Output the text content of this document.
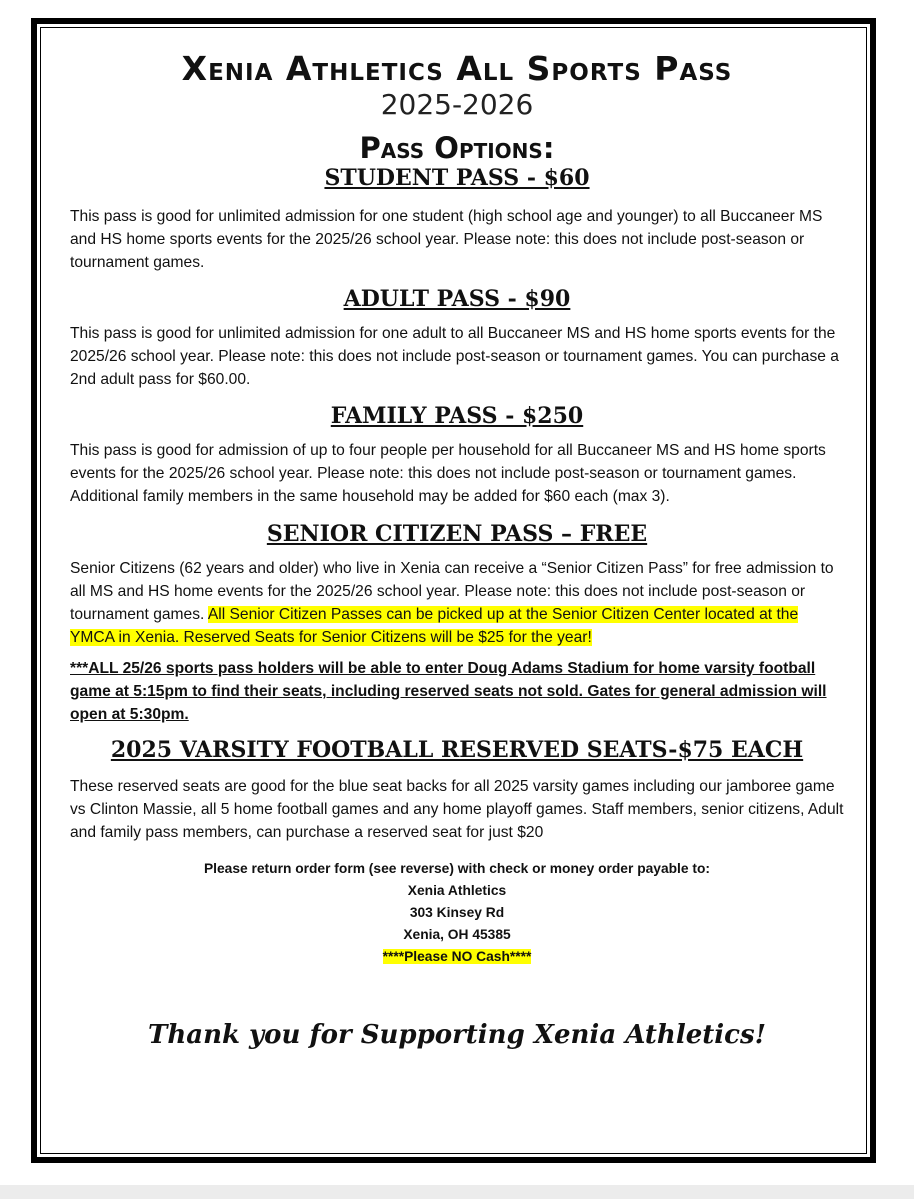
Xenia Athletics All Sports Pass

2025-2026

Pass Options:
STUDENT PASS - $60

This pass is good for unlimited admission for one student (high school age and younger) to all Buccaneer MS and HS home sports events for the 2025/26 school year. Please note: this does not include post-season or tournament games.

ADULT PASS - $90

This pass is good for unlimited admission for one adult to all Buccaneer MS and HS home sports events for the 2025/26 school year. Please note: this does not include post-season or tournament games. You can purchase a 2nd adult pass for $60.00.

FAMILY PASS - $250

This pass is good for admission of up to four people per household for all Buccaneer MS and HS home sports events for the 2025/26 school year. Please note: this does not include post-season or tournament games. Additional family members in the same household may be added for $60 each (max 3).

SENIOR CITIZEN PASS – FREE

Senior Citizens (62 years and older) who live in Xenia can receive a “Senior Citizen Pass” for free admission to all MS and HS home events for the 2025/26 school year. Please note: this does not include post-season or tournament games. All Senior Citizen Passes can be picked up at the Senior Citizen Center located at the YMCA in Xenia. Reserved Seats for Senior Citizens will be $25 for the year!

***ALL 25/26 sports pass holders will be able to enter Doug Adams Stadium for home varsity football game at 5:15pm to find their seats, including reserved seats not sold. Gates for general admission will open at 5:30pm.

2025 VARSITY FOOTBALL RESERVED SEATS-$75 EACH

These reserved seats are good for the blue seat backs for all 2025 varsity games including our jamboree game vs Clinton Massie, all 5 home football games and any home playoff games. Staff members, senior citizens, Adult and family pass members, can purchase a reserved seat for just $20

Please return order form (see reverse) with check or money order payable to:

Xenia Athletics

303 Kinsey Rd

Xenia, OH 45385

****Please NO Cash****

Thank you for Supporting Xenia Athletics!
